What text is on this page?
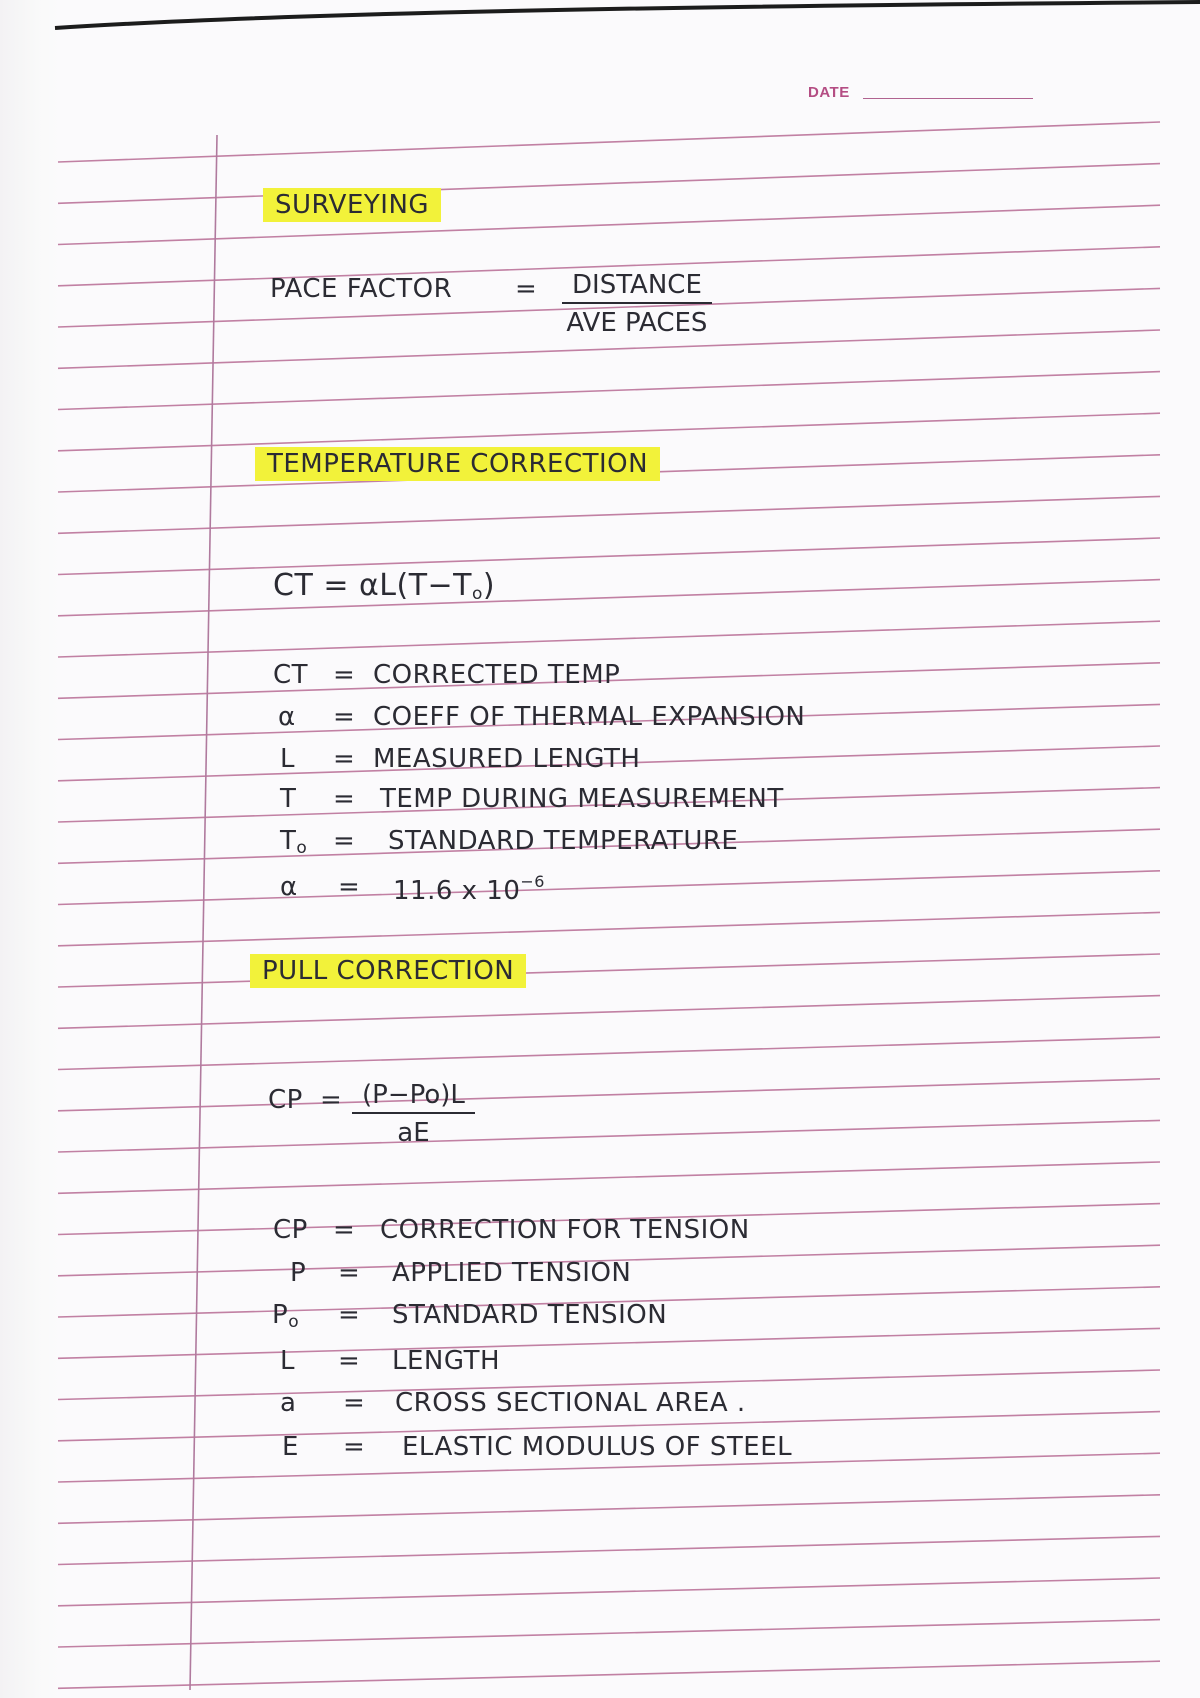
DATE
SURVEYING
PACE FACTOR =	DISTANCE
AVE PACES
TEMPERATURE CORRECTION
CT = $\alpha L(T-T_o)$
CT = CORRECTED TEMP
α = COEFF OF THERMAL EXPANSION
L = MEASURED LENGTH
T = TEMP DURING MEASUREMENT
$T_o$ = STANDARD TEMPERATURE
α = 11.6 x $10^{-6}$
PULL CORRECTION
CP = $\frac{(P-Po)L}{aE}$
CP = CORRECTION FOR TENSION
P = APPLIED TENSION
$P_o$ = STANDARD TENSION
L = LENGTH
a = CROSS SECTIONAL AREA .
E = ELASTIC MODULUS OF STEEL
